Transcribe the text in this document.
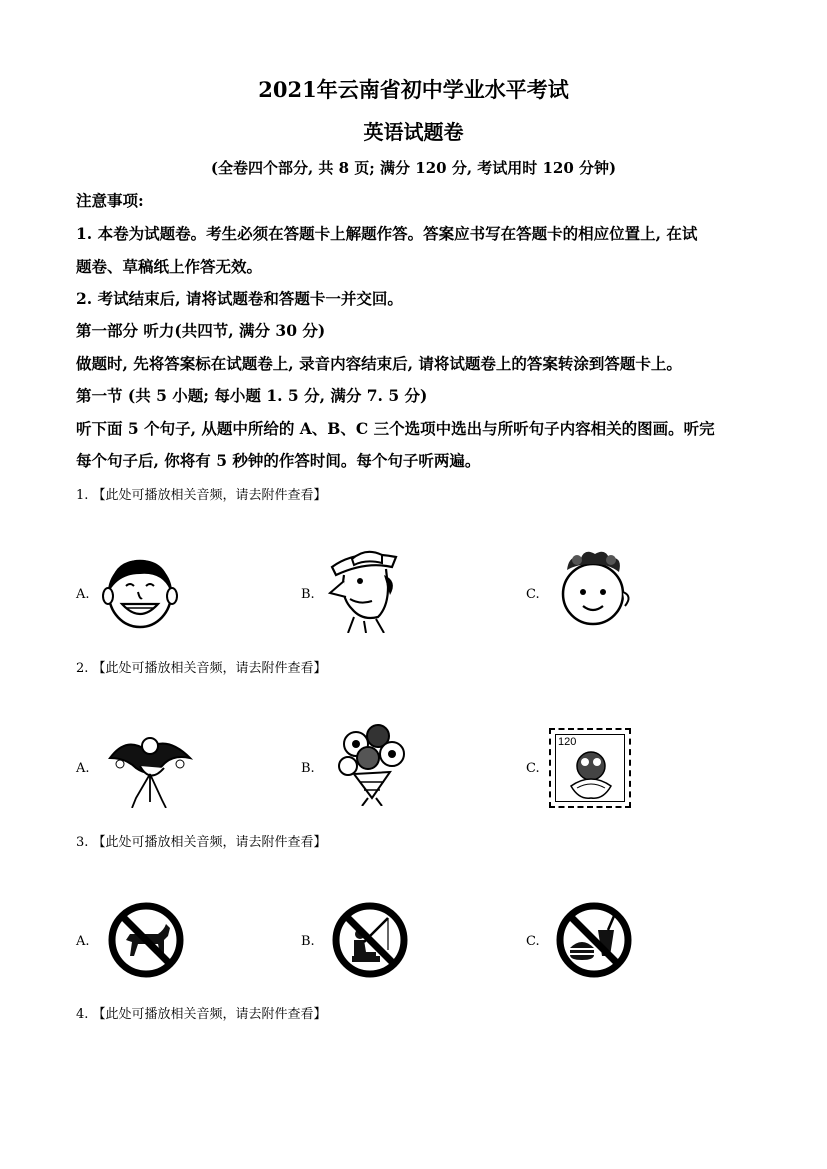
2021年云南省初中学业水平考试
英语试题卷
(全卷四个部分, 共 8 页; 满分 120 分, 考试用时 120 分钟)
注意事项:
1. 本卷为试题卷。考生必须在答题卡上解题作答。答案应书写在答题卡的相应位置上, 在试
题卷、草稿纸上作答无效。
2. 考试结束后, 请将试题卷和答题卡一并交回。
第一部分 听力(共四节, 满分 30 分)
做题时, 先将答案标在试题卷上, 录音内容结束后, 请将试题卷上的答案转涂到答题卡上。
第一节 (共 5 小题; 每小题 1. 5 分, 满分 7. 5 分)
听下面 5 个句子, 从题中所给的 A、B、C 三个选项中选出与所听句子内容相关的图画。听完
每个句子后, 你将有 5 秒钟的作答时间。每个句子听两遍。
1. 【此处可播放相关音频，请去附件查看】
A.	B.	C.
2. 【此处可播放相关音频，请去附件查看】
A.	B.	C.
120
3. 【此处可播放相关音频，请去附件查看】
A.	B.	C.
4. 【此处可播放相关音频，请去附件查看】
